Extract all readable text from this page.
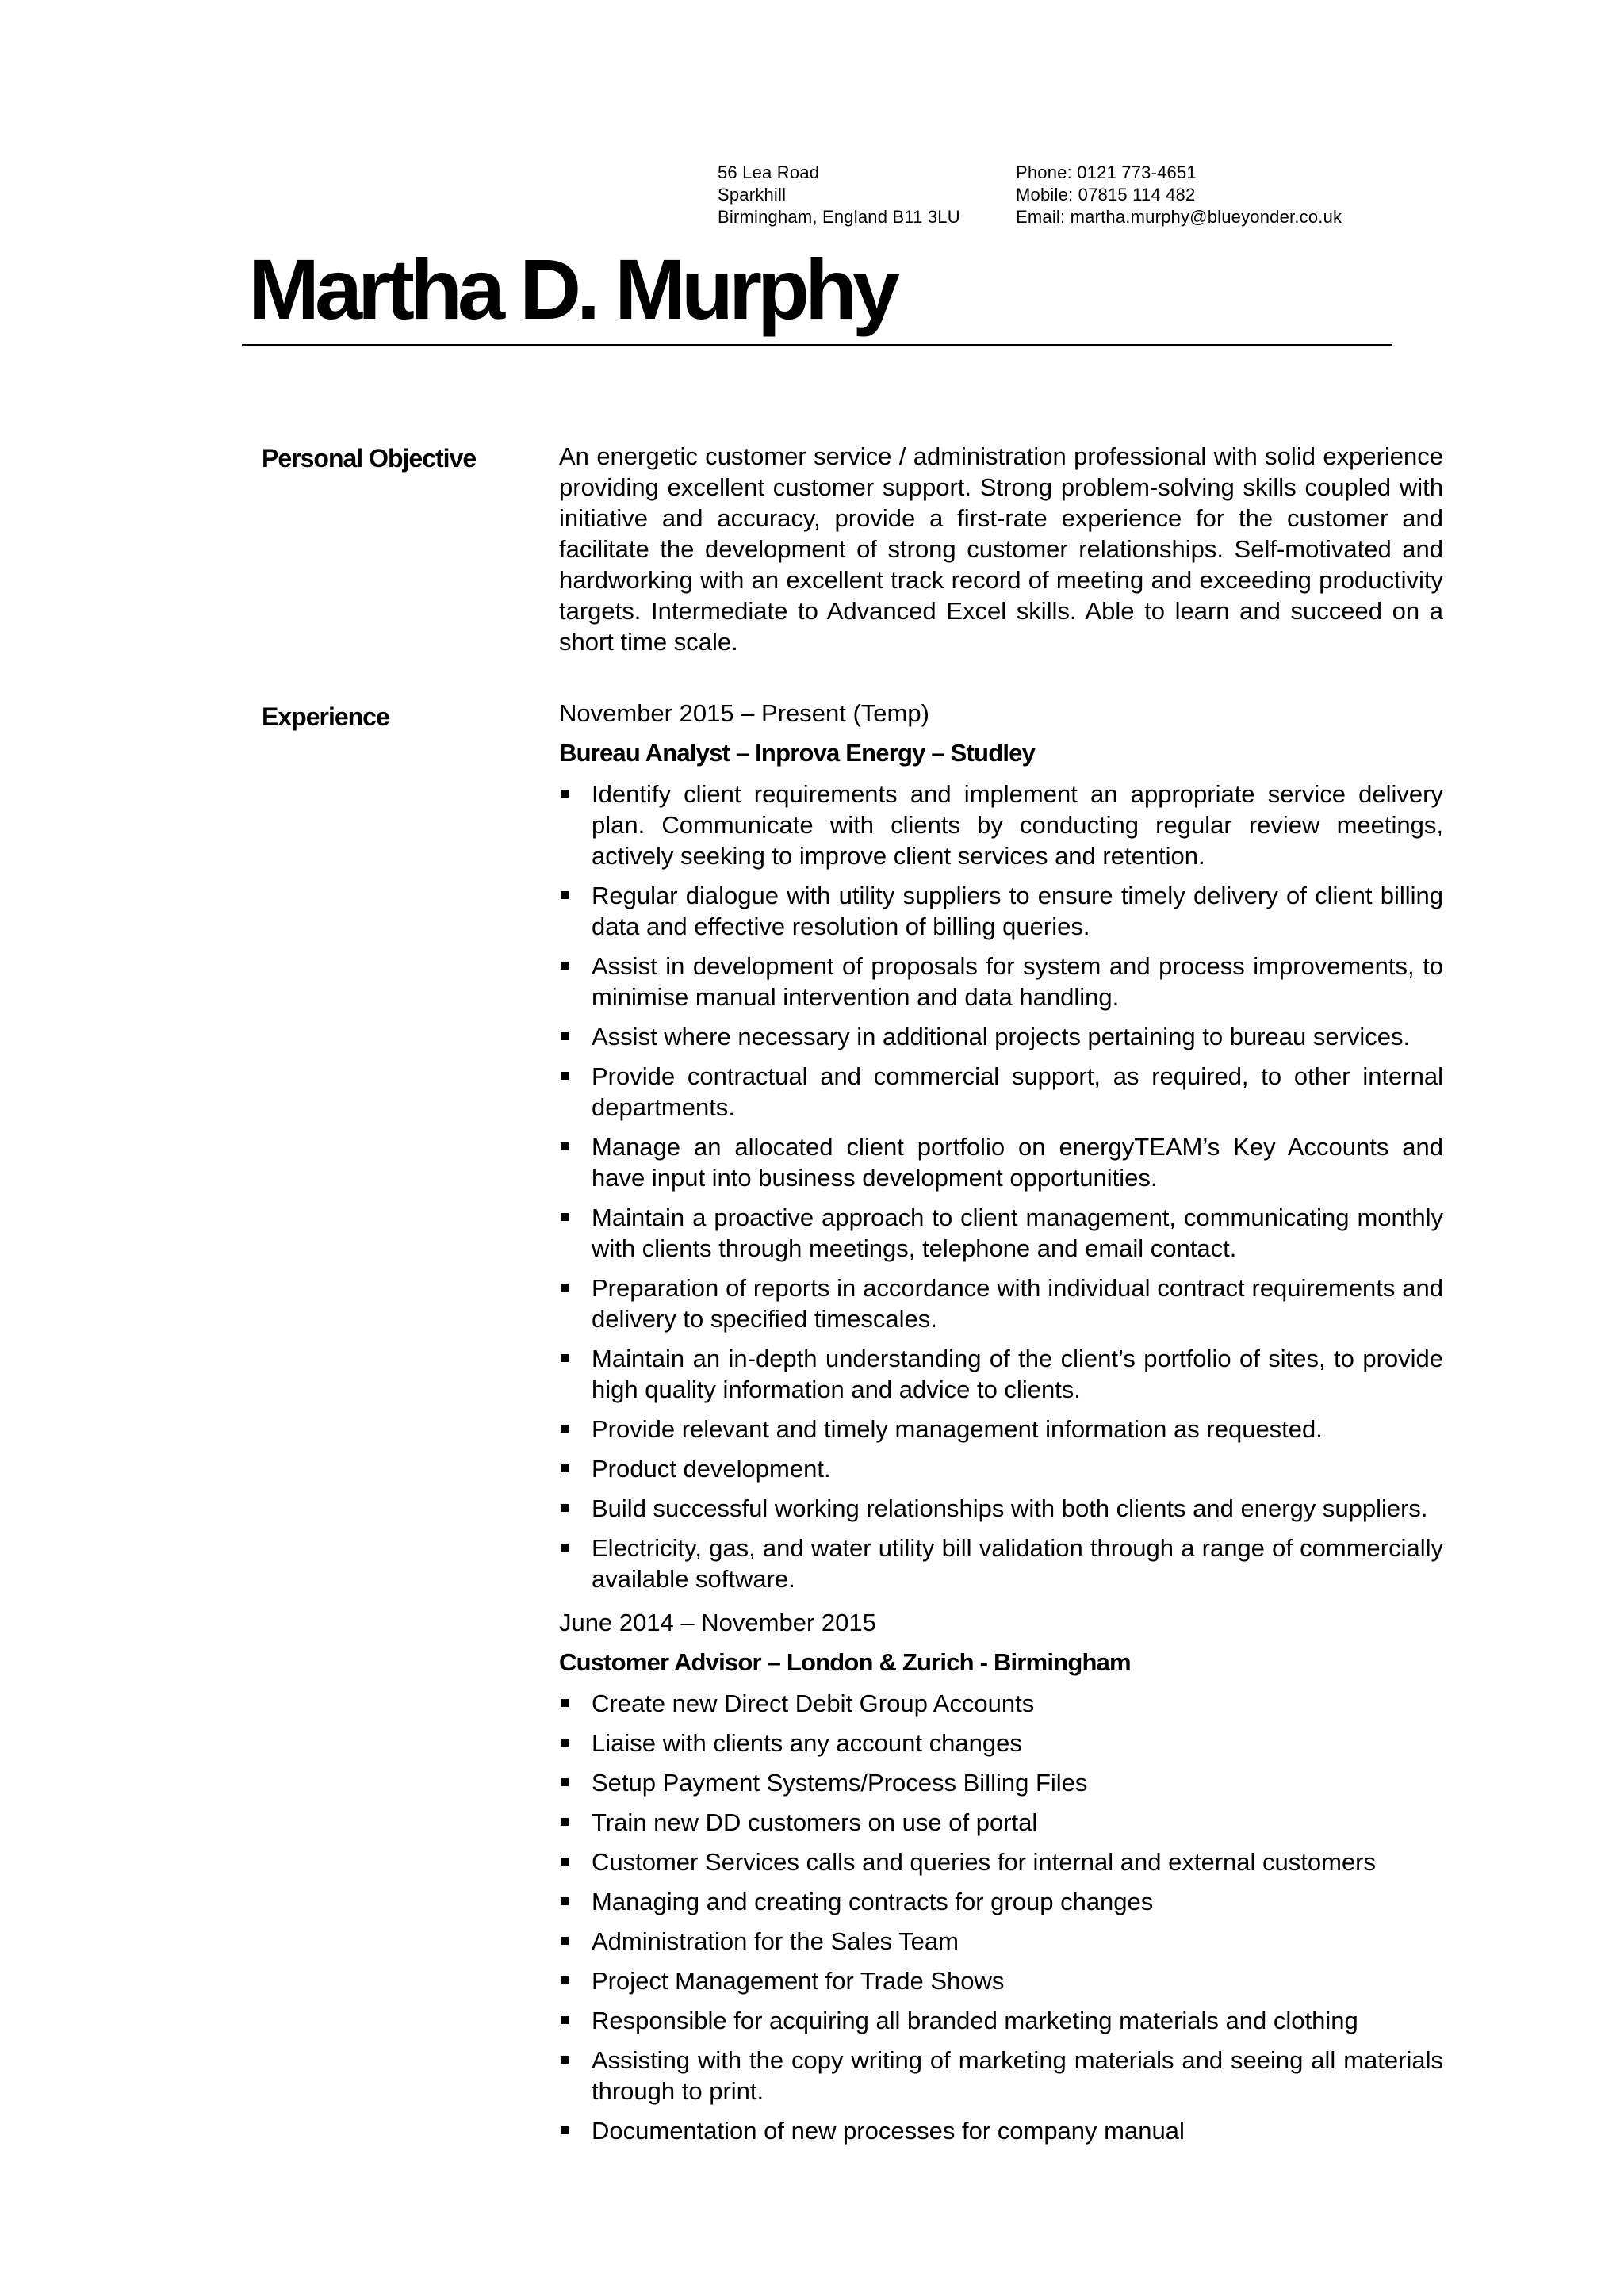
56 Lea Road
Sparkhill
Birmingham, England B11 3LU
Phone: 0121 773-4651
Mobile: 07815 114 482
Email: martha.murphy@blueyonder.co.uk
Martha D. Murphy
Personal Objective
Experience

An energetic customer service / administration professional with solid experience providing excellent customer support. Strong problem-solving skills coupled with initiative and accuracy, provide a first-rate experience for the customer and facilitate the development of strong customer relationships. Self-motivated and hardworking with an excellent track record of meeting and exceeding productivity targets. Intermediate to Advanced Excel skills. Able to learn and succeed on a short time scale.

November 2015 – Present (Temp)
Bureau Analyst – Inprova Energy – Studley
Identify client requirements and implement an appropriate service delivery plan. Communicate with clients by conducting regular review meetings, actively seeking to improve client services and retention.
Regular dialogue with utility suppliers to ensure timely delivery of client billing data and effective resolution of billing queries.
Assist in development of proposals for system and process improvements, to minimise manual intervention and data handling.
Assist where necessary in additional projects pertaining to bureau services.
Provide contractual and commercial support, as required, to other internal departments.
Manage an allocated client portfolio on energyTEAM’s Key Accounts and have input into business development opportunities.
Maintain a proactive approach to client management, communicating monthly with clients through meetings, telephone and email contact.
Preparation of reports in accordance with individual contract requirements and delivery to specified timescales.
Maintain an in-depth understanding of the client’s portfolio of sites, to provide high quality information and advice to clients.
Provide relevant and timely management information as requested.
Product development.
Build successful working relationships with both clients and energy suppliers.
Electricity, gas, and water utility bill validation through a range of commercially available software.
June 2014 – November 2015
Customer Advisor – London & Zurich - Birmingham
Create new Direct Debit Group Accounts
Liaise with clients any account changes
Setup Payment Systems/Process Billing Files
Train new DD customers on use of portal
Customer Services calls and queries for internal and external customers
Managing and creating contracts for group changes
Administration for the Sales Team
Project Management for Trade Shows
Responsible for acquiring all branded marketing materials and clothing
Assisting with the copy writing of marketing materials and seeing all materials through to print.
Documentation of new processes for company manual
